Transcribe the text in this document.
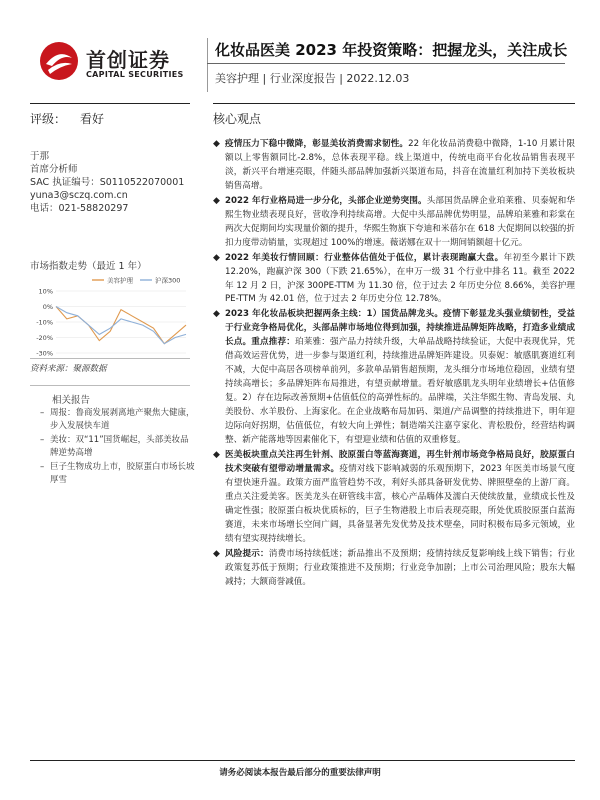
首创证券
CAPITAL SECURITIES
化妆品医美 2023 年投资策略：把握龙头，关注成长
美容护理 | 行业深度报告 | 2022.12.03
评级： 看好	核心观点
于那
首席分析师
SAC 执证编号：S0110522070001
yuna3@sczq.com.cn
电话：021-58820297
市场指数走势（最近 1 年）
10%
0%
-10%
-20%
-30%
美容护理	沪深300
资料来源：聚源数据
相关报告
– 周报：鲁商发展剥离地产聚焦大健康，步入发展快车道
– 美妆：双“11”国货崛起，头部美妆品牌逆势高增
– 巨子生物成功上市，胶原蛋白市场长坡厚雪
◆ 疫情压力下稳中微降，彰显美妆消费需求韧性。22 年化妆品消费稳中微降，1-10 月累计限额以上零售额同比-2.8%，总体表现平稳。线上渠道中，传统电商平台化妆品销售表现平淡，新兴平台增速亮眼，伴随头部品牌加强新兴渠道布局，抖音在流量红利加持下美妆板块销售高增。
◆ 2022 年行业格局进一步分化，头部企业逆势突围。头部国货品牌企业珀莱雅、贝泰妮和华熙生物业绩表现良好，营收净利持续高增。大促中头部品牌优势明显，品牌珀莱雅和彩棠在两次大促期间均实现量价额的提升，华熙生物旗下夸迪和米蓓尔在 618 大促期间以较强的折扣力度带动销量，实现超过 100%的增速。薇诺娜在双十一期间销额超十亿元。
◆ 2022 年美妆行情回顾：行业整体估值处于低位，累计表现跑赢大盘。年初至今累计下跌 12.20%，跑赢沪深 300（下跌 21.65%），在申万一级 31 个行业中排名 11。截至 2022 年 12 月 2 日，沪深 300PE-TTM 为 11.30 倍，位于过去 2 年历史分位 8.66%，美容护理 PE-TTM 为 42.01 倍，位于过去 2 年历史分位 12.78%。
◆ 2023 年化妆品板块把握两条主线：1）国货品牌龙头。疫情下彰显龙头强业绩韧性，受益于行业竞争格局优化，头部品牌市场地位得到加强，持续推进品牌矩阵战略，打造多业绩成长点。重点推荐：珀莱雅：强产品力持续升级，大单品战略持续验证，大促中表现优异，凭借高效运营优势，进一步参与渠道红利，持续推进品牌矩阵建设。贝泰妮：敏感肌赛道红利不减，大促中高居各项榜单前列，多款单品销售超预期，龙头细分市场地位稳固，业绩有望持续高增长；多品牌矩阵布局推进，有望贡献增量。看好敏感肌龙头明年业绩增长+估值修复。2）存在边际改善预期+估值低位的高弹性标的。品牌端，关注华熙生物、青岛发展、丸美股份、水羊股份、上海家化。在企业战略布局加码、渠道/产品调整的持续推进下，明年迎边际向好拐期，估值低位，有较大向上弹性；制造端关注嘉亨家化、青松股份，经营结构调整、新产能落地等因素催化下，有望迎业绩和估值的双重修复。
◆ 医美板块重点关注再生针剂、胶原蛋白等蓝海赛道，再生针剂市场竞争格局良好，胶原蛋白技术突破有望带动增量需求。疫情对线下影响减弱的乐观预期下，2023 年医美市场景气度有望快速升温。政策方面严监管趋势不改，利好头部具备研发优势、牌照壁垒的上游厂商。重点关注爱美客。医美龙头在研管线丰富，核心产品嗨体及濡白天使续放量，业绩成长性及确定性强；胶原蛋白板块优质标的，巨子生物港股上市后表现亮眼，所处优质胶原蛋白蓝海赛道，未来市场增长空间广阔，具备显著先发优势及技术壁垒，同时积极布局多元领域，业绩有望实现持续增长。
◆ 风险提示：消费市场持续低迷；新品推出不及预期；疫情持续反复影响线上线下销售；行业政策复苏低于预期；行业政策推进不及预期；行业竞争加剧；上市公司治理风险；股东大幅减持；大额商誉减值。
请务必阅读本报告最后部分的重要法律声明
